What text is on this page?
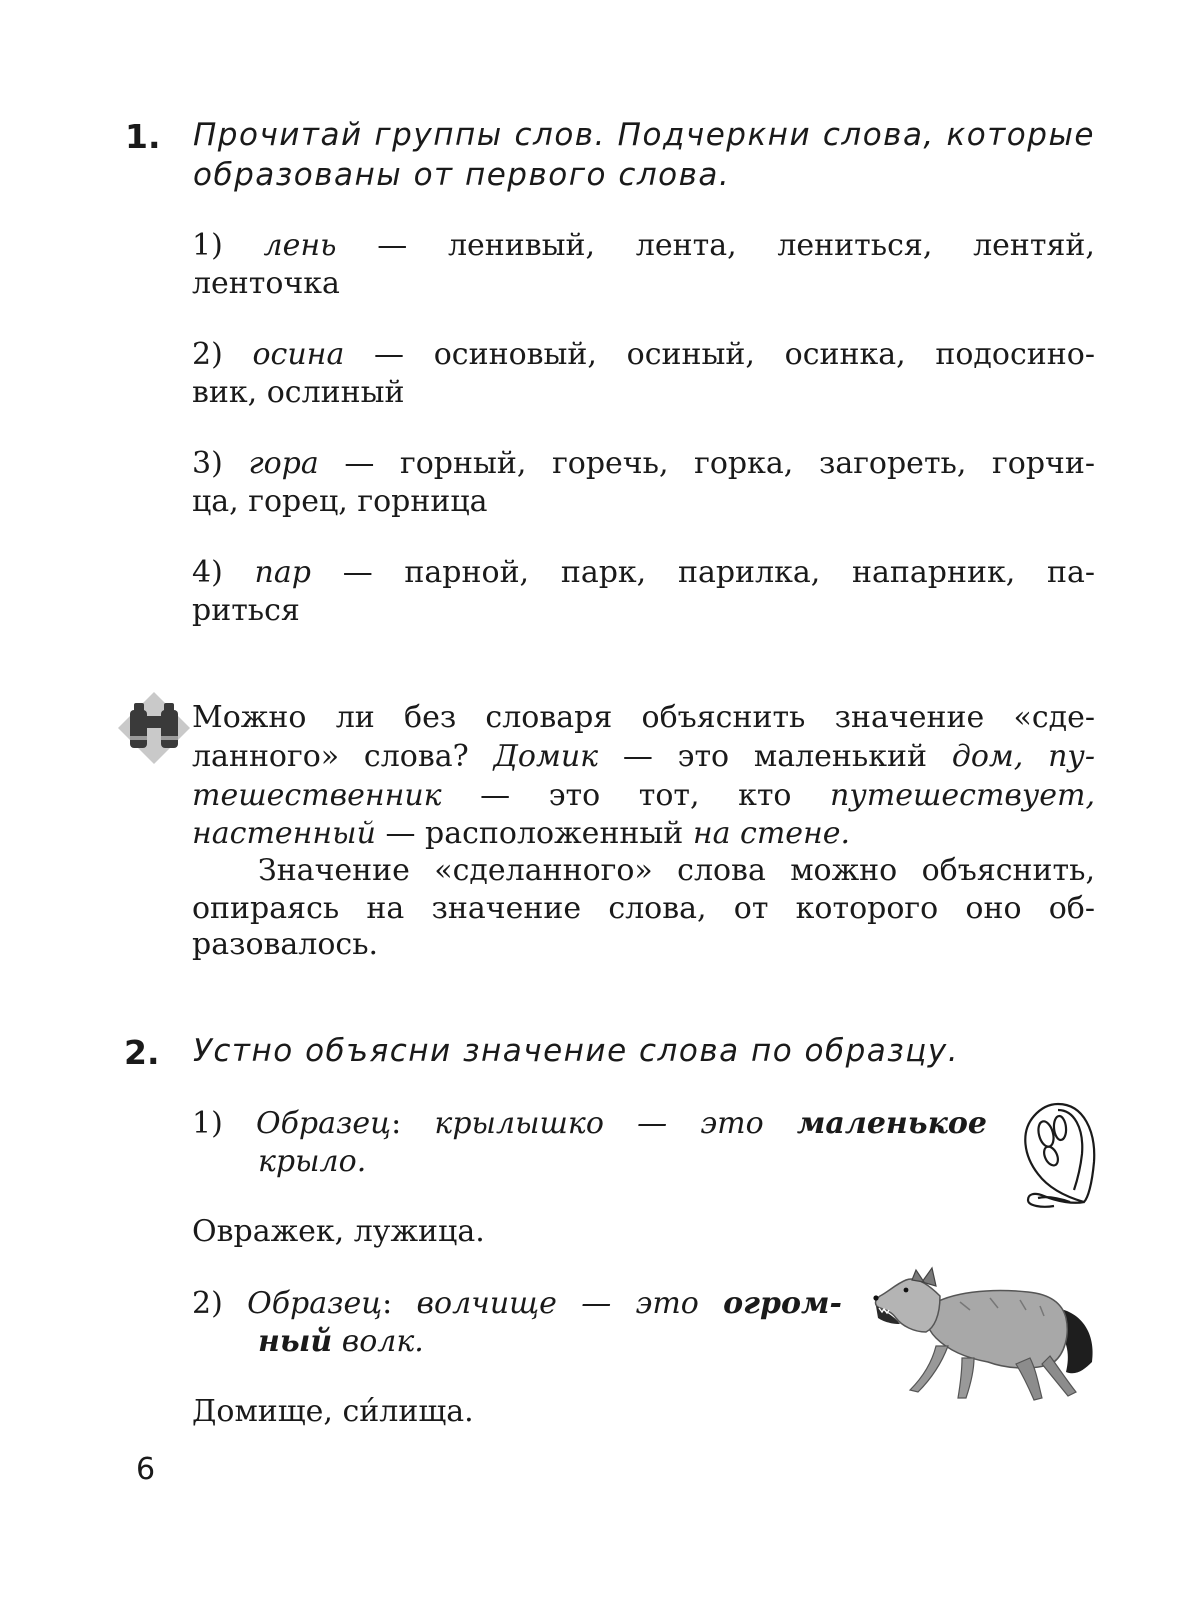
1. Прочитай группы слов. Подчеркни слова, которые
образованы от первого слова.
1) лень — ленивый, лента, лениться, лентяй,
ленточка
2) осина — осиновый, осиный, осинка, подосино-
вик, ослиный
3) гора — горный, горечь, горка, загореть, горчи-
ца, горец, горница
4) пар — парной, парк, парилка, напарник, па-
риться
Можно ли без словаря объяснить значение «сде-
ланного» слова? Домик — это маленький дом, пу-
тешественник — это тот, кто путешествует,
настенный — расположенный на стене.
Значение «сделанного» слова можно объяснить,
опираясь на значение слова, от которого оно об-
разовалось.
2. Устно объясни значение слова по образцу.
1) Образец: крылышко — это маленькое
крыло.
Овражек, лужица.
2) Образец: волчище — это огром-
ный волк.
Домище, си́лища.
6
